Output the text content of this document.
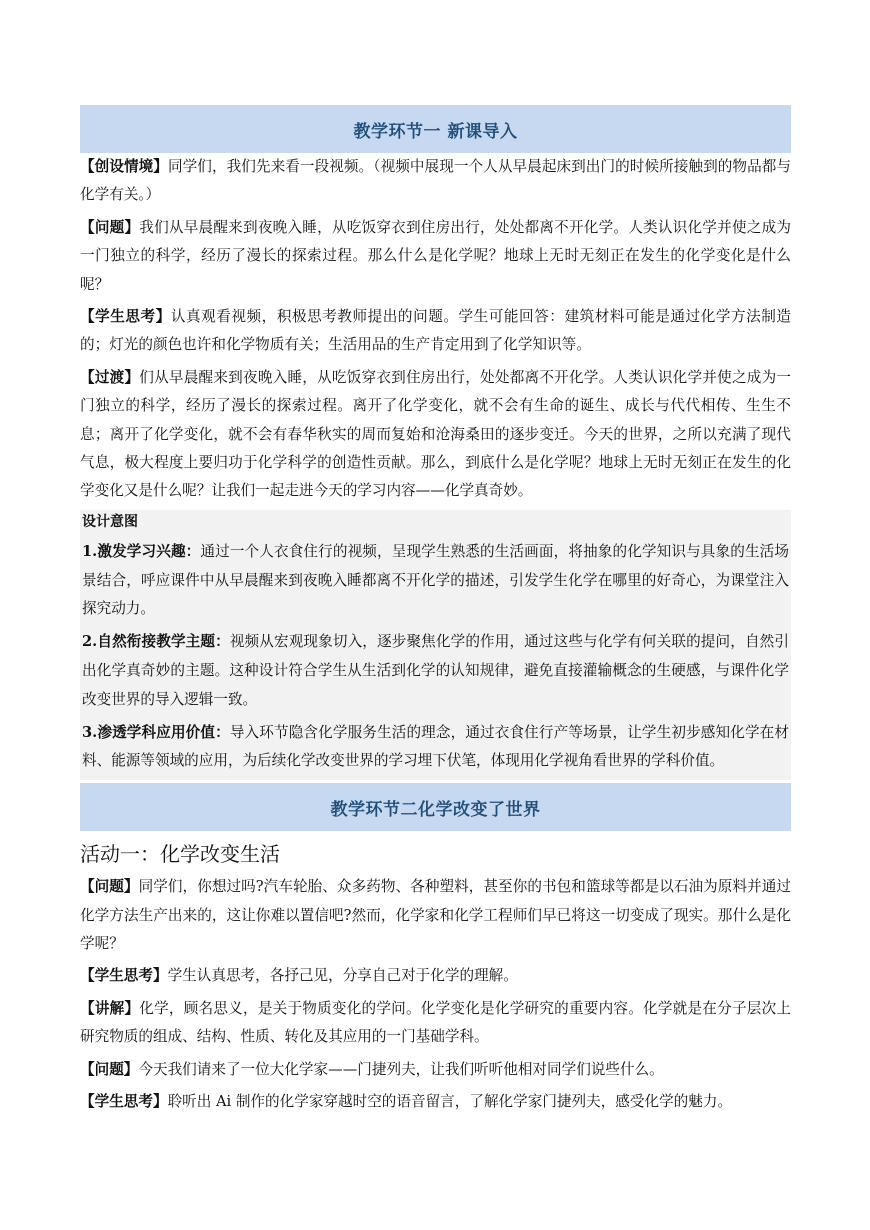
教学环节一 新课导入
【创设情境】同学们，我们先来看一段视频。（视频中展现一个人从早晨起床到出门的时候所接触到的物品都与化学有关。）
【问题】我们从早晨醒来到夜晚入睡，从吃饭穿衣到住房出行，处处都离不开化学。人类认识化学并使之成为一门独立的科学，经历了漫长的探索过程。那么什么是化学呢？地球上无时无刻正在发生的化学变化是什么呢？
【学生思考】认真观看视频，积极思考教师提出的问题。学生可能回答：建筑材料可能是通过化学方法制造的；灯光的颜色也许和化学物质有关；生活用品的生产肯定用到了化学知识等。
【过渡】们从早晨醒来到夜晚入睡，从吃饭穿衣到住房出行，处处都离不开化学。人类认识化学并使之成为一门独立的科学，经历了漫长的探索过程。离开了化学变化，就不会有生命的诞生、成长与代代相传、生生不息；离开了化学变化，就不会有春华秋实的周而复始和沧海桑田的逐步变迁。今天的世界，之所以充满了现代气息，极大程度上要归功于化学科学的创造性贡献。那么，到底什么是化学呢？地球上无时无刻正在发生的化学变化又是什么呢？让我们一起走进今天的学习内容——化学真奇妙。
设计意图
1.激发学习兴趣：通过一个人衣食住行的视频，呈现学生熟悉的生活画面，将抽象的化学知识与具象的生活场景结合，呼应课件中从早晨醒来到夜晚入睡都离不开化学的描述，引发学生化学在哪里的好奇心，为课堂注入探究动力。
2.自然衔接教学主题：视频从宏观现象切入，逐步聚焦化学的作用，通过这些与化学有何关联的提问，自然引出化学真奇妙的主题。这种设计符合学生从生活到化学的认知规律，避免直接灌输概念的生硬感，与课件化学改变世界的导入逻辑一致。
3.渗透学科应用价值：导入环节隐含化学服务生活的理念，通过衣食住行产等场景，让学生初步感知化学在材料、能源等领域的应用，为后续化学改变世界的学习埋下伏笔，体现用化学视角看世界的学科价值。
教学环节二化学改变了世界
活动一：化学改变生活
【问题】同学们，你想过吗?汽车轮胎、众多药物、各种塑料，甚至你的书包和篮球等都是以石油为原料并通过化学方法生产出来的，这让你难以置信吧?然而，化学家和化学工程师们早已将这一切变成了现实。那什么是化学呢？
【学生思考】学生认真思考，各抒己见，分享自己对于化学的理解。
【讲解】化学，顾名思义，是关于物质变化的学问。化学变化是化学研究的重要内容。化学就是在分子层次上研究物质的组成、结构、性质、转化及其应用的一门基础学科。
【问题】今天我们请来了一位大化学家——门捷列夫，让我们听听他相对同学们说些什么。
【学生思考】聆听出 Ai 制作的化学家穿越时空的语音留言，了解化学家门捷列夫，感受化学的魅力。
